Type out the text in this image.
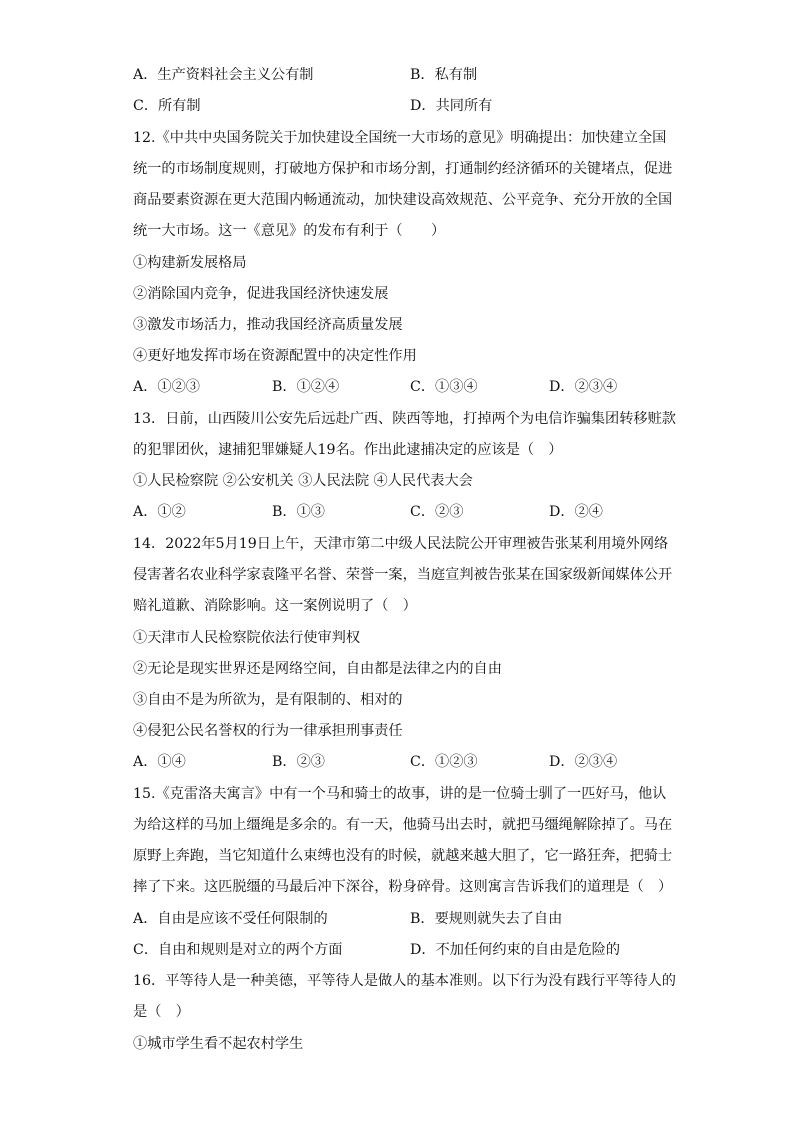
A．生产资料社会主义公有制	B．私有制
C．所有制	D．共同所有
12.《中共中央国务院关于加快建设全国统一大市场的意见》明确提出：加快建立全国
统一的市场制度规则，打破地方保护和市场分割，打通制约经济循环的关键堵点，促进
商品要素资源在更大范围内畅通流动，加快建设高效规范、公平竞争、充分开放的全国
统一大市场。这一《意见》的发布有利于（　　）
①构建新发展格局
②消除国内竞争，促进我国经济快速发展
③激发市场活力，推动我国经济高质量发展
④更好地发挥市场在资源配置中的决定性作用
A．①②③	B．①②④	C．①③④	D．②③④
13．日前，山西陵川公安先后远赴广西、陕西等地，打掉两个为电信诈骗集团转移赃款
的犯罪团伙，逮捕犯罪嫌疑人19名。作出此逮捕决定的应该是（　）
①人民检察院 ②公安机关 ③人民法院 ④人民代表大会
A．①②	B．①③	C．②③	D．②④
14．2022年5月19日上午，天津市第二中级人民法院公开审理被告张某利用境外网络
侵害著名农业科学家袁隆平名誉、荣誉一案，当庭宣判被告张某在国家级新闻媒体公开
赔礼道歉、消除影响。这一案例说明了（　）
①天津市人民检察院依法行使审判权
②无论是现实世界还是网络空间，自由都是法律之内的自由
③自由不是为所欲为，是有限制的、相对的
④侵犯公民名誉权的行为一律承担刑事责任
A．①④	B．②③	C．①②③	D．②③④
15.《克雷洛夫寓言》中有一个马和骑士的故事，讲的是一位骑士驯了一匹好马，他认
为给这样的马加上缰绳是多余的。有一天，他骑马出去时，就把马缰绳解除掉了。马在
原野上奔跑，当它知道什么束缚也没有的时候，就越来越大胆了，它一路狂奔，把骑士
摔了下来。这匹脱缰的马最后冲下深谷，粉身碎骨。这则寓言告诉我们的道理是（　）
A．自由是应该不受任何限制的	B．要规则就失去了自由
C．自由和规则是对立的两个方面	D．不加任何约束的自由是危险的
16．平等待人是一种美德，平等待人是做人的基本准则。以下行为没有践行平等待人的
是（　）
①城市学生看不起农村学生
